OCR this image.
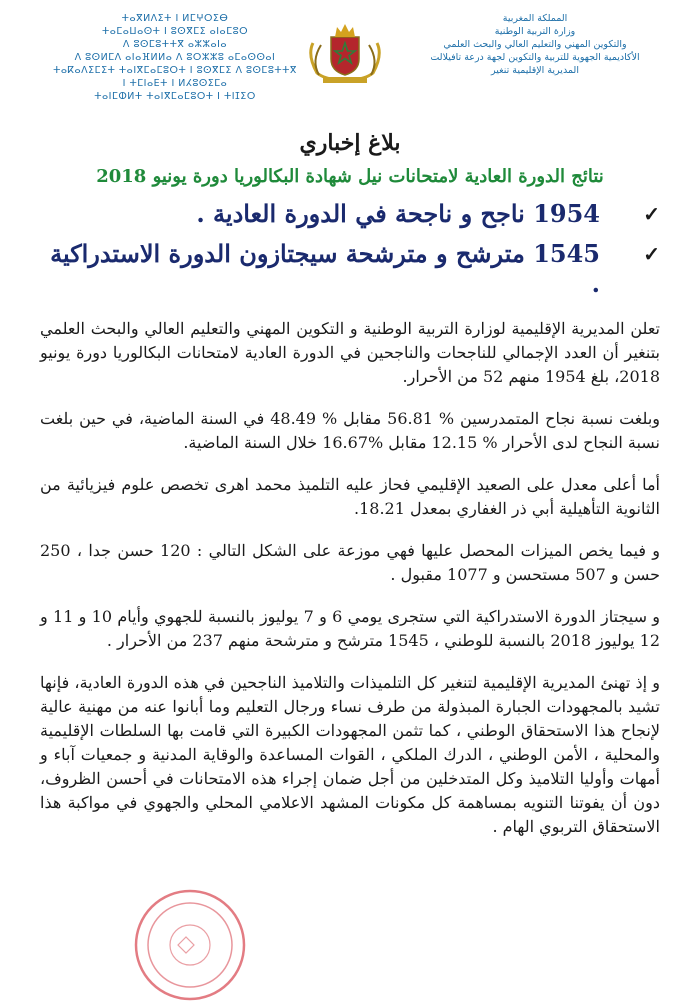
ⵜⴰⴳⵍⴷⵉⵜ ⵏ ⵍⵎⵖⵔⵉⴱ
ⵜⴰⵎⴰⵡⴰⵙⵜ ⵏ ⵓⵙⴳⵎⵉ ⴰⵏⴰⵎⵓⵔ
ⴷ ⵓⵙⵎⵓⵜⵜⴳ ⴰⵣⵣⴰⵏⴰ
ⴷ ⵓⵙⵍⵎⴷ ⴰⵏⴰⴼⵍⵍⴰ ⴷ ⵓⵔⵣⵣⵓ ⴰⵎⴰⵙⵙⴰⵏ
ⵜⴰⴽⴰⴷⵉⵎⵉⵜ ⵜⴰⵏⴳⵎⴰⵎⵓⵔⵜ ⵏ ⵓⵙⴳⵎⵉ ⴷ ⵓⵙⵎⵓⵜⵜⴳ
ⵏ ⵜⵎⵏⴰⴹⵜ ⵏ ⵍⵃⵓⵙⵉⵎⴰ
ⵜⴰⵏⵎⵀⵍⵜ ⵜⴰⵏⴳⵎⴰⵎⵓⵔⵜ ⵏ ⵜⵏⵊⵉⵔ
المملكة المغربية
وزارة التربية الوطنية
والتكوين المهني والتعليم العالي والبحث العلمي
الأكاديمية الجهوية للتربية والتكوين لجهة درعة تافيلالت
المديرية الإقليمية تنغير
بلاغ إخباري
نتائج الدورة العادية لامتحانات نيل شهادة البكالوريا دورة يونيو 2018
✓
1954 ناجح و ناجحة في الدورة العادية .
✓
1545 مترشح و مترشحة سيجتازون الدورة الاستدراكية .

تعلن المديرية الإقليمية لوزارة التربية الوطنية و التكوين المهني والتعليم العالي والبحث العلمي بتنغير أن العدد الإجمالي للناجحات والناجحين في الدورة العادية لامتحانات البكالوريا دورة يونيو 2018، بلغ 1954 منهم 52 من الأحرار.

وبلغت نسبة نجاح المتمدرسين % 56.81 مقابل % 48.49 في السنة الماضية، في حين بلغت نسبة النجاح لدى الأحرار % 12.15 مقابل %16.67 خلال السنة الماضية.

أما أعلى معدل على الصعيد الإقليمي فحاز عليه التلميذ محمد اهرى تخصص علوم فيزيائية من الثانوية التأهيلية أبي ذر الغفاري بمعدل 18.21.

و فيما يخص الميزات المحصل عليها فهي موزعة على الشكل التالي : 120 حسن جدا ، 250 حسن و 507 مستحسن و 1077 مقبول .

و سيجتاز الدورة الاستدراكية التي ستجرى يومي 6 و 7 يوليوز بالنسبة للجهوي وأيام 10 و 11 و 12 يوليوز 2018 بالنسبة للوطني ، 1545 مترشح و مترشحة منهم 237 من الأحرار .

و إذ تهنئ المديرية الإقليمية لتنغير كل التلميذات والتلاميذ الناجحين في هذه الدورة العادية، فإنها تشيد بالمجهودات الجبارة المبذولة من طرف نساء ورجال التعليم وما أبانوا عنه من مهنية عالية لإنجاح هذا الاستحقاق الوطني ، كما تثمن المجهودات الكبيرة التي قامت بها السلطات الإقليمية والمحلية ، الأمن الوطني ، الدرك الملكي ، القوات المساعدة والوقاية المدنية و جمعيات آباء و أمهات وأوليا التلاميذ وكل المتدخلين من أجل ضمان إجراء هذه الامتحانات في أحسن الظروف، دون أن يفوتنا التنويه بمساهمة كل مكونات المشهد الاعلامي المحلي والجهوي في مواكبة هذا الاستحقاق التربوي الهام .
